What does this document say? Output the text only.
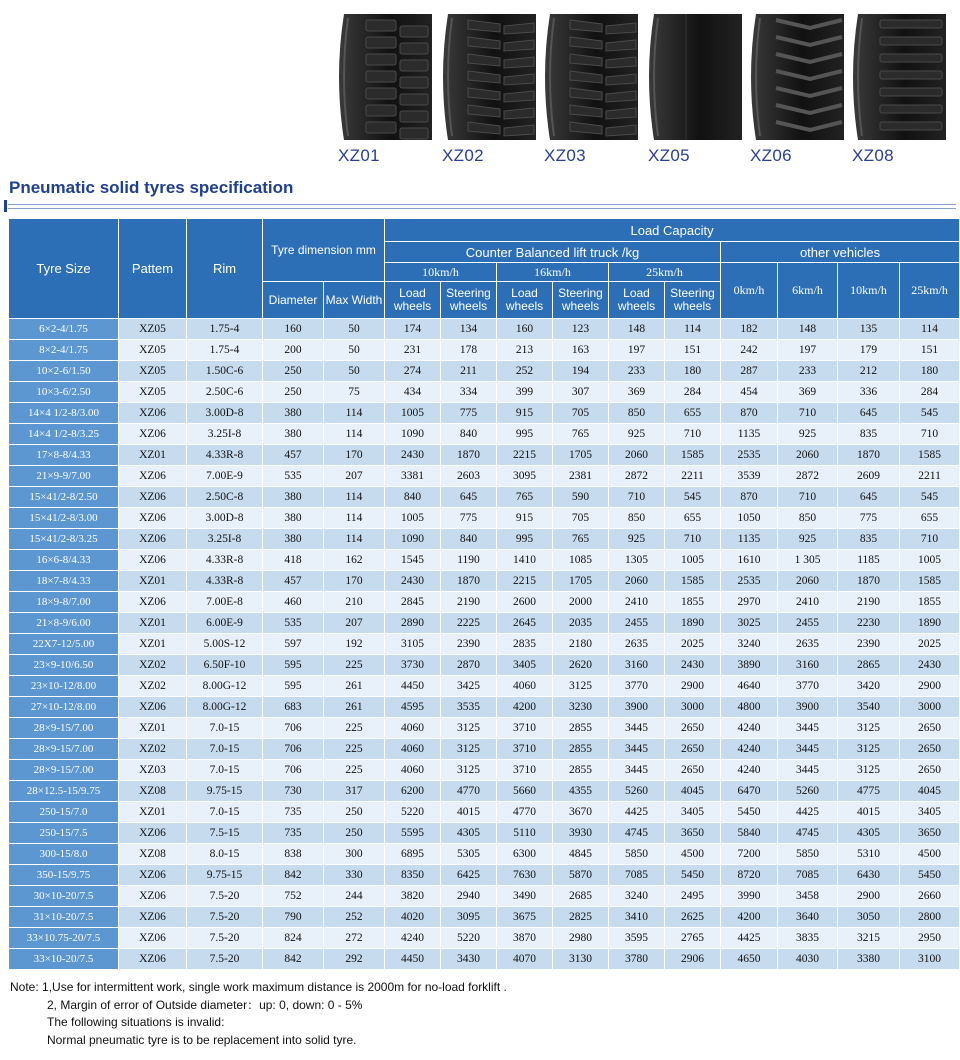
XZ01	XZ02	XZ03	XZ05	XZ06	XZ08
Pneumatic solid tyres specification
Tyre Size	Pattem	Rim	Tyre dimension mm		Load Capacity									
					Counter Balanced lift truck /kg						other vehicles			
					10km/h		16km/h		25km/h		0km/h	6km/h	10km/h	25km/h
			Diameter	Max Width	Load wheels	Steering wheels	Load wheels	Steering wheels	Load wheels	Steering wheels				
6×2-4/1.75	XZ05	1.75-4	160	50	174	134	160	123	148	114	182	148	135	114
8×2-4/1.75	XZ05	1.75-4	200	50	231	178	213	163	197	151	242	197	179	151
10×2-6/1.50	XZ05	1.50C-6	250	50	274	211	252	194	233	180	287	233	212	180
10×3-6/2.50	XZ05	2.50C-6	250	75	434	334	399	307	369	284	454	369	336	284
14×4 1/2-8/3.00	XZ06	3.00D-8	380	114	1005	775	915	705	850	655	870	710	645	545
14×4 1/2-8/3.25	XZ06	3.25I-8	380	114	1090	840	995	765	925	710	1135	925	835	710
17×8-8/4.33	XZ01	4.33R-8	457	170	2430	1870	2215	1705	2060	1585	2535	2060	1870	1585
21×9-9/7.00	XZ06	7.00E-9	535	207	3381	2603	3095	2381	2872	2211	3539	2872	2609	2211
15×41/2-8/2.50	XZ06	2.50C-8	380	114	840	645	765	590	710	545	870	710	645	545
15×41/2-8/3.00	XZ06	3.00D-8	380	114	1005	775	915	705	850	655	1050	850	775	655
15×41/2-8/3.25	XZ06	3.25I-8	380	114	1090	840	995	765	925	710	1135	925	835	710
16×6-8/4.33	XZ06	4.33R-8	418	162	1545	1190	1410	1085	1305	1005	1610	1 305	1185	1005
18×7-8/4.33	XZ01	4.33R-8	457	170	2430	1870	2215	1705	2060	1585	2535	2060	1870	1585
18×9-8/7.00	XZ06	7.00E-8	460	210	2845	2190	2600	2000	2410	1855	2970	2410	2190	1855
21×8-9/6.00	XZ01	6.00E-9	535	207	2890	2225	2645	2035	2455	1890	3025	2455	2230	1890
22X7-12/5.00	XZ01	5.00S-12	597	192	3105	2390	2835	2180	2635	2025	3240	2635	2390	2025
23×9-10/6.50	XZ02	6.50F-10	595	225	3730	2870	3405	2620	3160	2430	3890	3160	2865	2430
23×10-12/8.00	XZ02	8.00G-12	595	261	4450	3425	4060	3125	3770	2900	4640	3770	3420	2900
27×10-12/8.00	XZ06	8.00G-12	683	261	4595	3535	4200	3230	3900	3000	4800	3900	3540	3000
28×9-15/7.00	XZ01	7.0-15	706	225	4060	3125	3710	2855	3445	2650	4240	3445	3125	2650
28×9-15/7.00	XZ02	7.0-15	706	225	4060	3125	3710	2855	3445	2650	4240	3445	3125	2650
28×9-15/7.00	XZ03	7.0-15	706	225	4060	3125	3710	2855	3445	2650	4240	3445	3125	2650
28×12.5-15/9.75	XZ08	9.75-15	730	317	6200	4770	5660	4355	5260	4045	6470	5260	4775	4045
250-15/7.0	XZ01	7.0-15	735	250	5220	4015	4770	3670	4425	3405	5450	4425	4015	3405
250-15/7.5	XZ06	7.5-15	735	250	5595	4305	5110	3930	4745	3650	5840	4745	4305	3650
300-15/8.0	XZ08	8.0-15	838	300	6895	5305	6300	4845	5850	4500	7200	5850	5310	4500
350-15/9.75	XZ06	9.75-15	842	330	8350	6425	7630	5870	7085	5450	8720	7085	6430	5450
30×10-20/7.5	XZ06	7.5-20	752	244	3820	2940	3490	2685	3240	2495	3990	3458	2900	2660
31×10-20/7.5	XZ06	7.5-20	790	252	4020	3095	3675	2825	3410	2625	4200	3640	3050	2800
33×10.75-20/7.5	XZ06	7.5-20	824	272	4240	5220	3870	2980	3595	2765	4425	3835	3215	2950
33×10-20/7.5	XZ06	7.5-20	842	292	4450	3430	4070	3130	3780	2906	4650	4030	3380	3100
Note: 1,Use for intermittent work, single work maximum distance is 2000m for no-load forklift .
2, Margin of error of Outside diameter：up: 0, down: 0 - 5%
The following situations is invalid:
Normal pneumatic tyre is to be replacement into solid tyre.
